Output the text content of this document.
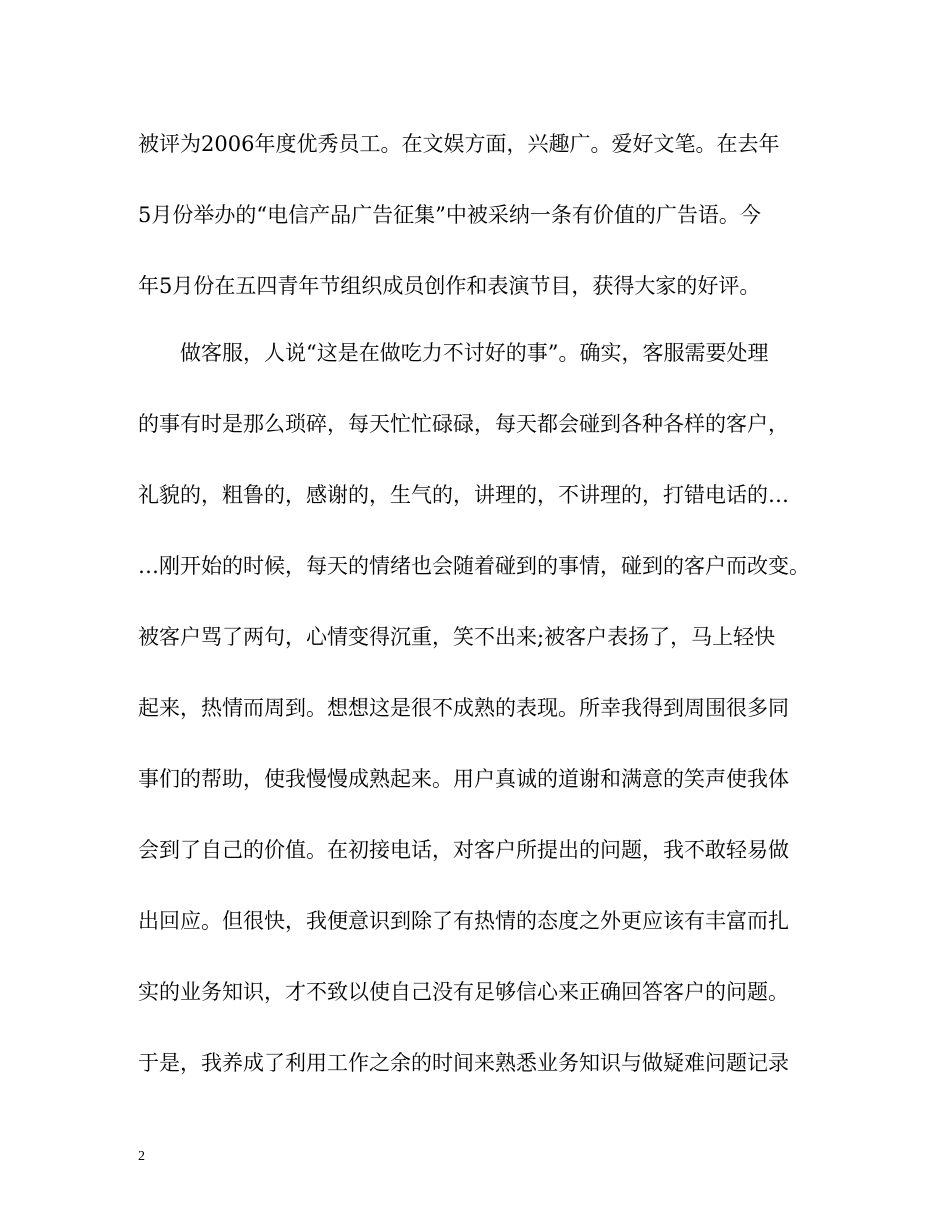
被评为2006年度优秀员工。在文娱方面，兴趣广。爱好文笔。在去年
5月份举办的“电信产品广告征集”中被采纳一条有价值的广告语。今
年5月份在五四青年节组织成员创作和表演节目，获得大家的好评。
做客服，人说“这是在做吃力不讨好的事”。确实，客服需要处理
的事有时是那么琐碎，每天忙忙碌碌，每天都会碰到各种各样的客户，
礼貌的，粗鲁的，感谢的，生气的，讲理的，不讲理的，打错电话的…
…刚开始的时候，每天的情绪也会随着碰到的事情，碰到的客户而改变。
被客户骂了两句，心情变得沉重，笑不出来;被客户表扬了，马上轻快
起来，热情而周到。想想这是很不成熟的表现。所幸我得到周围很多同
事们的帮助，使我慢慢成熟起来。用户真诚的道谢和满意的笑声使我体
会到了自己的价值。在初接电话，对客户所提出的问题，我不敢轻易做
出回应。但很快，我便意识到除了有热情的态度之外更应该有丰富而扎
实的业务知识，才不致以使自己没有足够信心来正确回答客户的问题。
于是，我养成了利用工作之余的时间来熟悉业务知识与做疑难问题记录
2
